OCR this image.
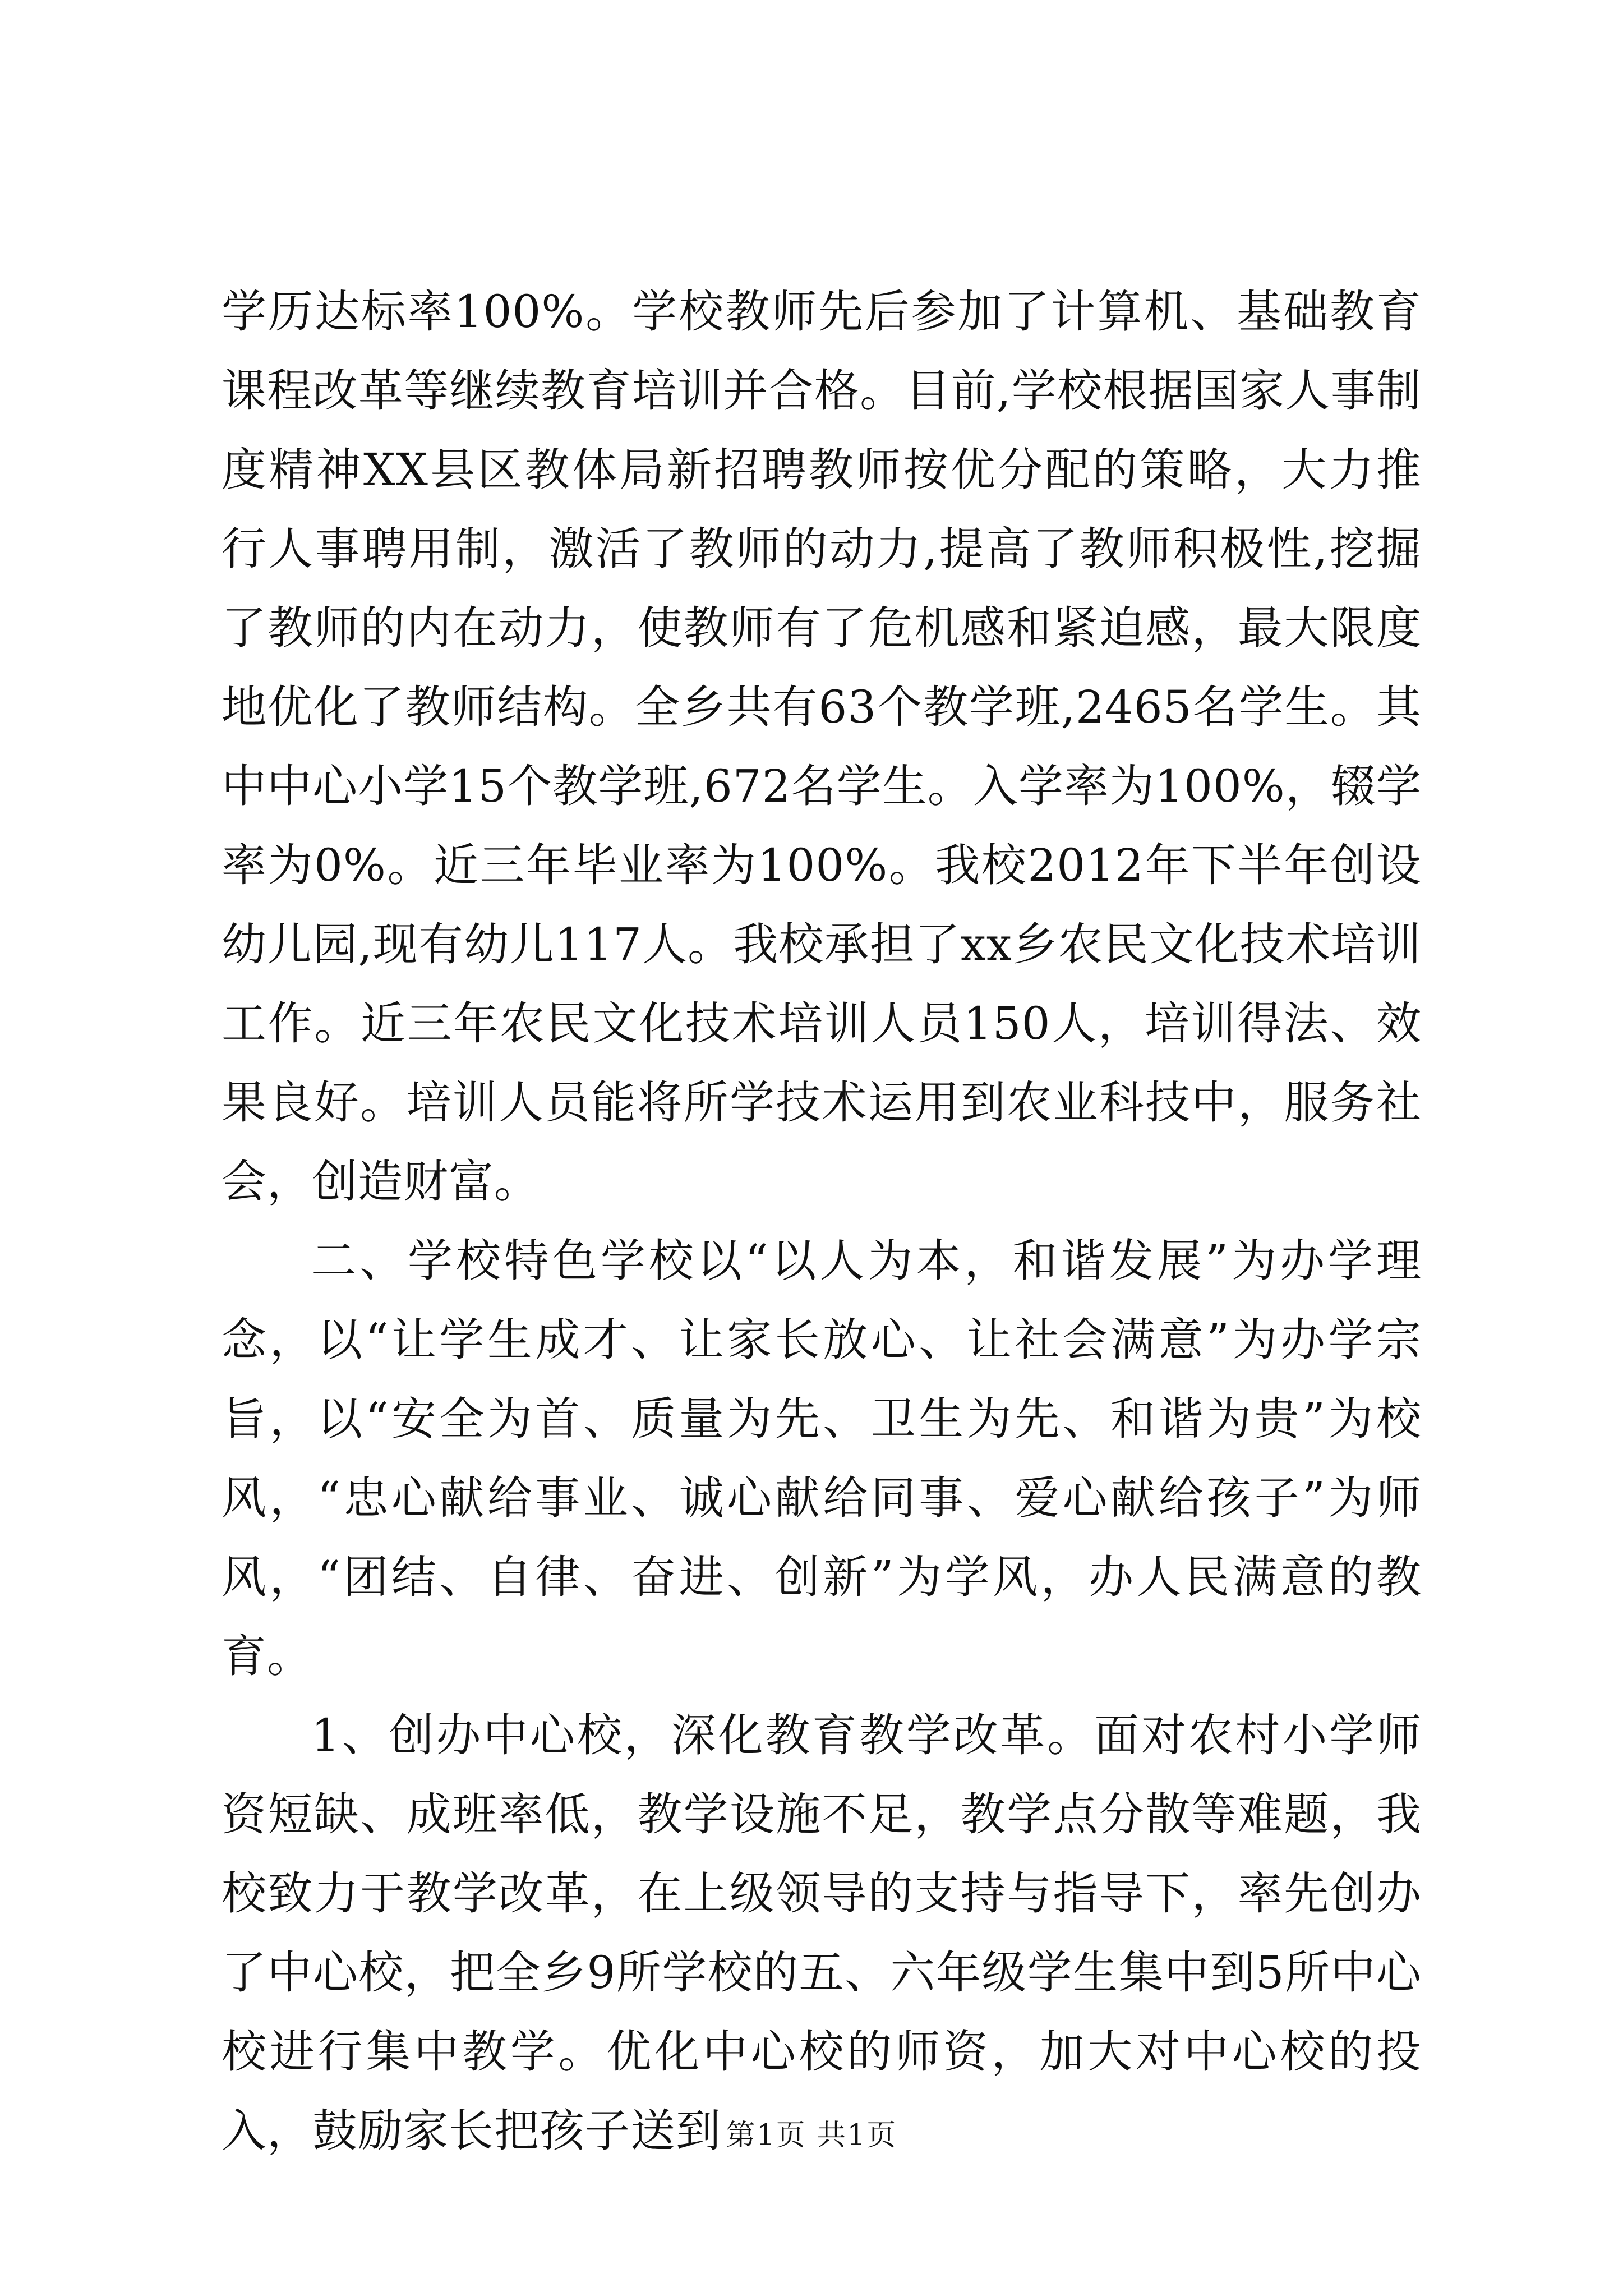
学历达标率100%。学校教师先后参加了计算机、基础教育课程改革等继续教育培训并合格。目前,学校根据国家人事制度精神XX县区教体局新招聘教师按优分配的策略，大力推行人事聘用制，激活了教师的动力,提高了教师积极性,挖掘了教师的内在动力，使教师有了危机感和紧迫感，最大限度地优化了教师结构。全乡共有63个教学班,2465名学生。其中中心小学15个教学班,672名学生。入学率为100%，辍学率为0%。近三年毕业率为100%。我校2012年下半年创设幼儿园,现有幼儿117人。我校承担了xx乡农民文化技术培训工作。近三年农民文化技术培训人员150人，培训得法、效果良好。培训人员能将所学技术运用到农业科技中，服务社会，创造财富。

二、学校特色学校以“以人为本，和谐发展”为办学理念，以“让学生成才、让家长放心、让社会满意”为办学宗旨，以“安全为首、质量为先、卫生为先、和谐为贵”为校风，“忠心献给事业、诚心献给同事、爱心献给孩子”为师风，“团结、自律、奋进、创新”为学风，办人民满意的教育。

1、创办中心校，深化教育教学改革。面对农村小学师资短缺、成班率低，教学设施不足，教学点分散等难题，我校致力于教学改革，在上级领导的支持与指导下，率先创办了中心校，把全乡9所学校的五、六年级学生集中到5所中心校进行集中教学。优化中心校的师资，加大对中心校的投入，鼓励家长把孩子送到 第1页 共1页
